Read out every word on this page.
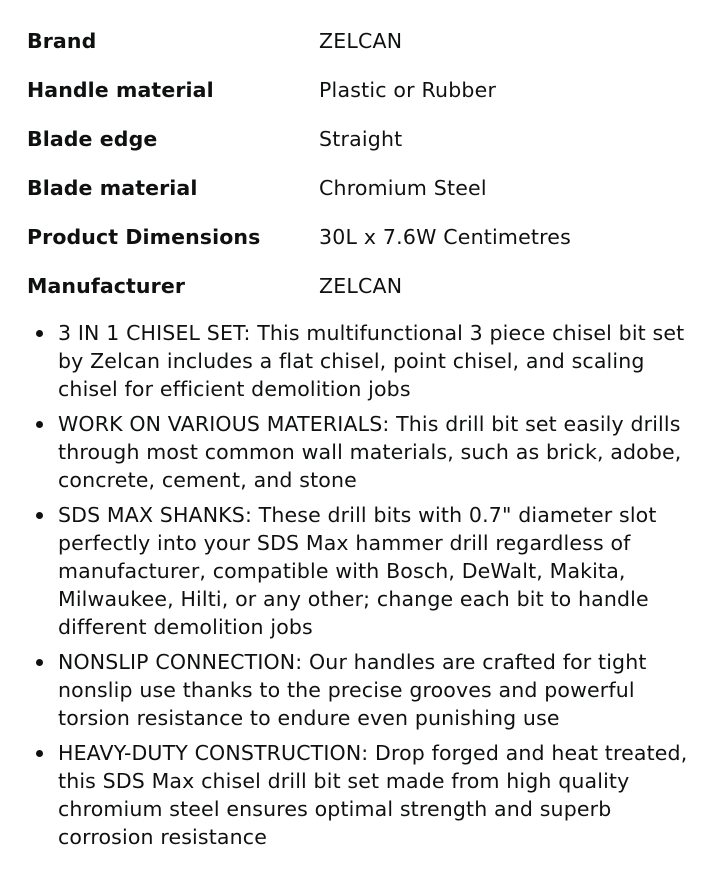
Brand	ZELCAN
Handle material	Plastic or Rubber
Blade edge	Straight
Blade material	Chromium Steel
Product Dimensions	30L x 7.6W Centimetres
Manufacturer	ZELCAN
3 IN 1 CHISEL SET: This multifunctional 3 piece chisel bit set by Zelcan includes a flat chisel, point chisel, and scaling chisel for efficient demolition jobs
WORK ON VARIOUS MATERIALS: This drill bit set easily drills through most common wall materials, such as brick, adobe, concrete, cement, and stone
SDS MAX SHANKS: These drill bits with 0.7" diameter slot perfectly into your SDS Max hammer drill regardless of manufacturer, compatible with Bosch, DeWalt, Makita, Milwaukee, Hilti, or any other; change each bit to handle different demolition jobs
NONSLIP CONNECTION: Our handles are crafted for tight nonslip use thanks to the precise grooves and powerful torsion resistance to endure even punishing use
HEAVY-DUTY CONSTRUCTION: Drop forged and heat treated, this SDS Max chisel drill bit set made from high quality chromium steel ensures optimal strength and superb corrosion resistance
